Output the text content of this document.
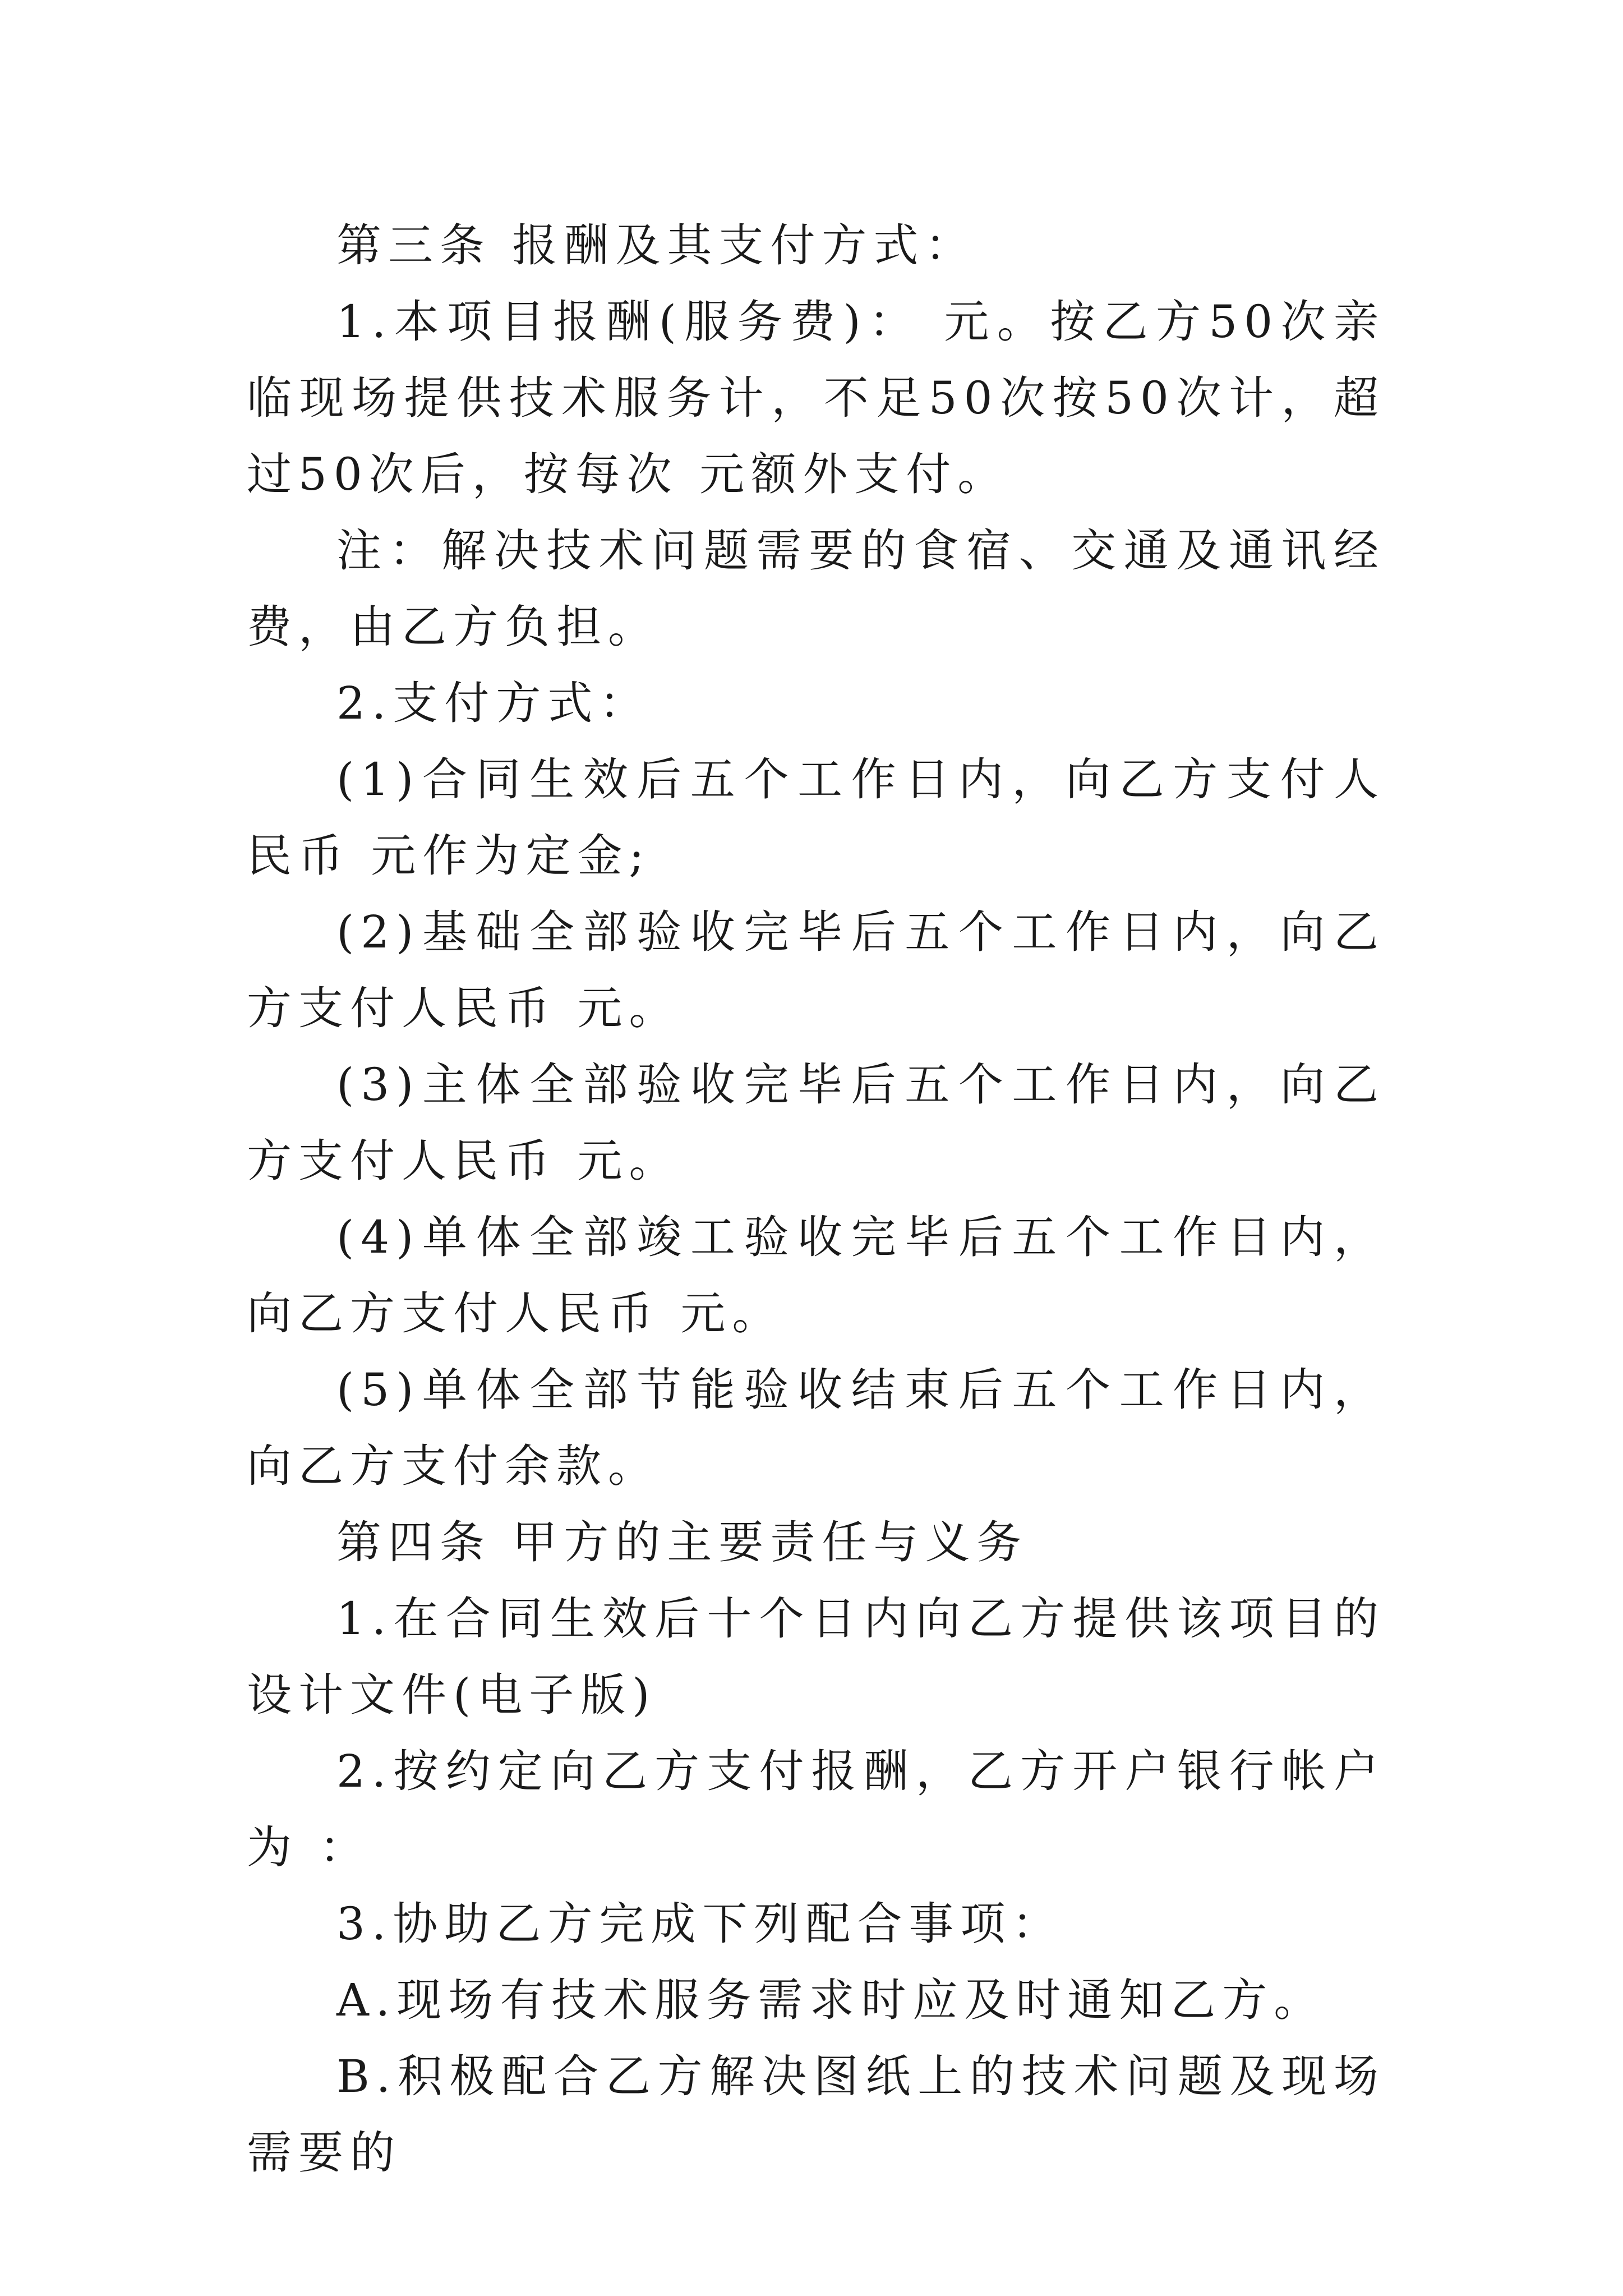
第三条 报酬及其支付方式：

1.本项目报酬(服务费)： 元。按乙方50次亲临现场提供技术服务计，不足50次按50次计，超过50次后，按每次 元额外支付。

注：解决技术问题需要的食宿、交通及通讯经费，由乙方负担。

2.支付方式：

(1)合同生效后五个工作日内，向乙方支付人民币 元作为定金;

(2)基础全部验收完毕后五个工作日内，向乙方支付人民币 元。

(3)主体全部验收完毕后五个工作日内，向乙方支付人民币 元。

(4)单体全部竣工验收完毕后五个工作日内，向乙方支付人民币 元。

(5)单体全部节能验收结束后五个工作日内，向乙方支付余款。

第四条 甲方的主要责任与义务

1.在合同生效后十个日内向乙方提供该项目的设计文件(电子版)

2.按约定向乙方支付报酬，乙方开户银行帐户为 ：

3.协助乙方完成下列配合事项：

A.现场有技术服务需求时应及时通知乙方。

B.积极配合乙方解决图纸上的技术问题及现场需要的
